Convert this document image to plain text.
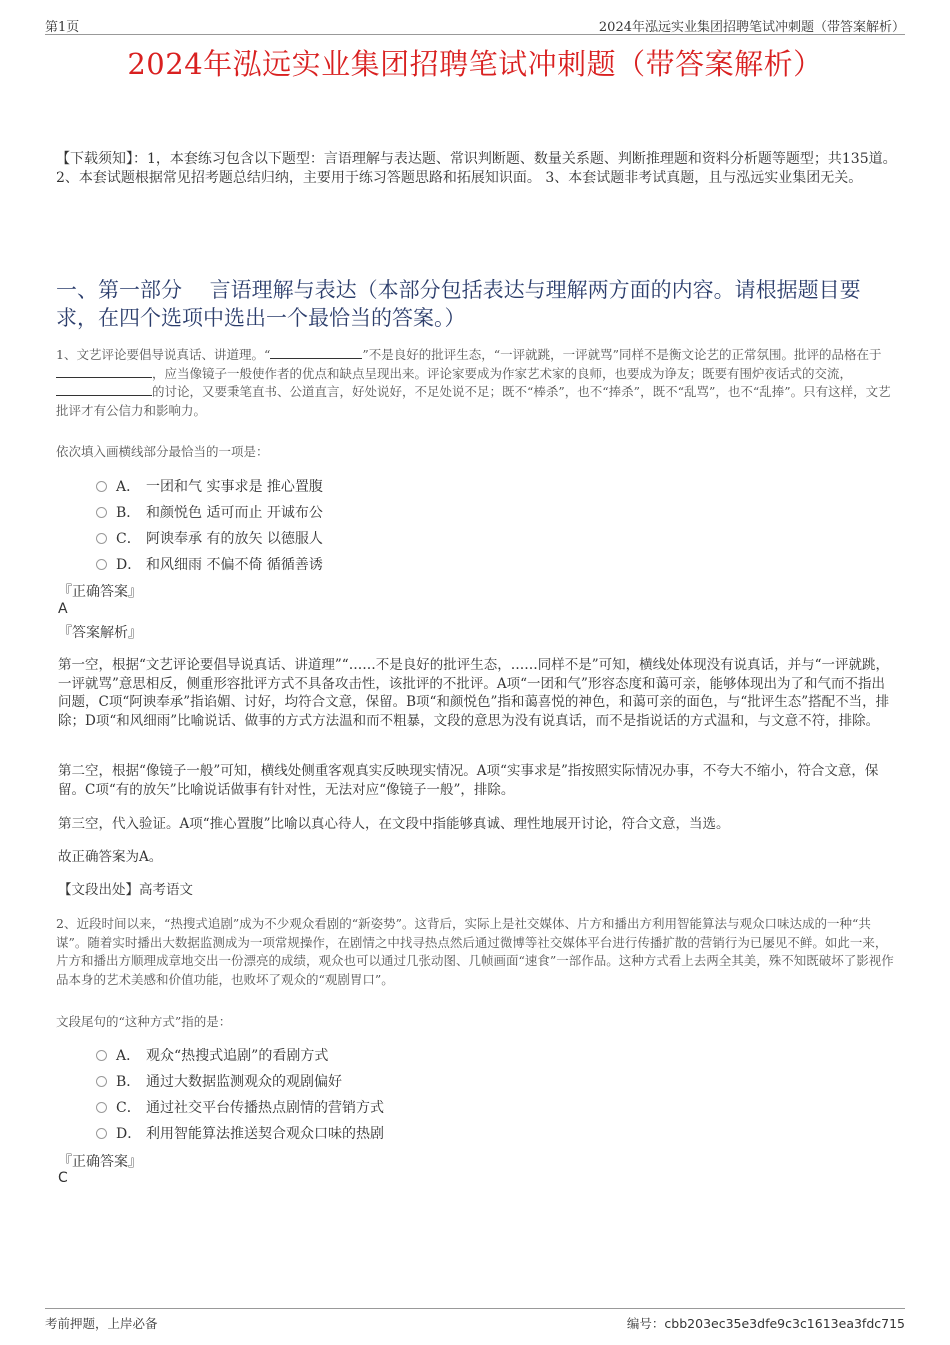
第1页	2024年泓远实业集团招聘笔试冲刺题（带答案解析）
2024年泓远实业集团招聘笔试冲刺题（带答案解析）
【下载须知】：1，本套练习包含以下题型：言语理解与表达题、常识判断题、数量关系题、判断推理题和资料分析题等题型；共135道。 2、本套试题根据常见招考题总结归纳，主要用于练习答题思路和拓展知识面。 3、本套试题非考试真题，且与泓远实业集团无关。
一、第一部分　 言语理解与表达（本部分包括表达与理解两方面的内容。请根据题目要求，在四个选项中选出一个最恰当的答案。）
1、文艺评论要倡导说真话、讲道理。“	”不是良好的批评生态，“一评就跳，一评就骂”同样不是衡文论艺的正常氛围。批评的品格在于，应当像镜子一般使作者的优点和缺点呈现出来。评论家要成为作家艺术家的良师，也要成为诤友；既要有围炉夜话式的交流，的讨论，又要秉笔直书、公道直言，好处说好，不足处说不足；既不“棒杀”，也不“捧杀”，既不“乱骂”，也不“乱捧”。只有这样，文艺批评才有公信力和影响力。
依次填入画横线部分最恰当的一项是：
A． 一团和气 实事求是 推心置腹
B． 和颜悦色 适可而止 开诚布公
C． 阿谀奉承 有的放矢 以德服人
D． 和风细雨 不偏不倚 循循善诱
『正确答案』
A
『答案解析』
第一空，根据“文艺评论要倡导说真话、讲道理”“……不是良好的批评生态，……同样不是”可知，横线处体现没有说真话，并与“一评就跳，一评就骂”意思相反，侧重形容批评方式不具备攻击性，该批评的不批评。A项“一团和气”形容态度和蔼可亲，能够体现出为了和气而不指出问题，C项“阿谀奉承”指谄媚、讨好，均符合文意，保留。B项“和颜悦色”指和蔼喜悦的神色，和蔼可亲的面色，与“批评生态”搭配不当，排除；D项“和风细雨”比喻说话、做事的方式方法温和而不粗暴，文段的意思为没有说真话，而不是指说话的方式温和，与文意不符，排除。
第二空，根据“像镜子一般”可知，横线处侧重客观真实反映现实情况。A项“实事求是”指按照实际情况办事，不夸大不缩小，符合文意，保留。C项“有的放矢”比喻说话做事有针对性，无法对应“像镜子一般”，排除。
第三空，代入验证。A项“推心置腹”比喻以真心待人，在文段中指能够真诚、理性地展开讨论，符合文意，当选。
故正确答案为A。
【文段出处】高考语文
2、近段时间以来，“热搜式追剧”成为不少观众看剧的“新姿势”。这背后，实际上是社交媒体、片方和播出方利用智能算法与观众口味达成的一种“共谋”。随着实时播出大数据监测成为一项常规操作，在剧情之中找寻热点然后通过微博等社交媒体平台进行传播扩散的营销行为已屡见不鲜。如此一来，片方和播出方顺理成章地交出一份漂亮的成绩，观众也可以通过几张动图、几帧画面“速食”一部作品。这种方式看上去两全其美，殊不知既破坏了影视作品本身的艺术美感和价值功能，也败坏了观众的“观剧胃口”。
文段尾句的“这种方式”指的是：
A． 观众“热搜式追剧”的看剧方式
B． 通过大数据监测观众的观剧偏好
C． 通过社交平台传播热点剧情的营销方式
D． 利用智能算法推送契合观众口味的热剧
『正确答案』
C
考前押题，上岸必备	编号：cbb203ec35e3dfe9c3c1613ea3fdc715
